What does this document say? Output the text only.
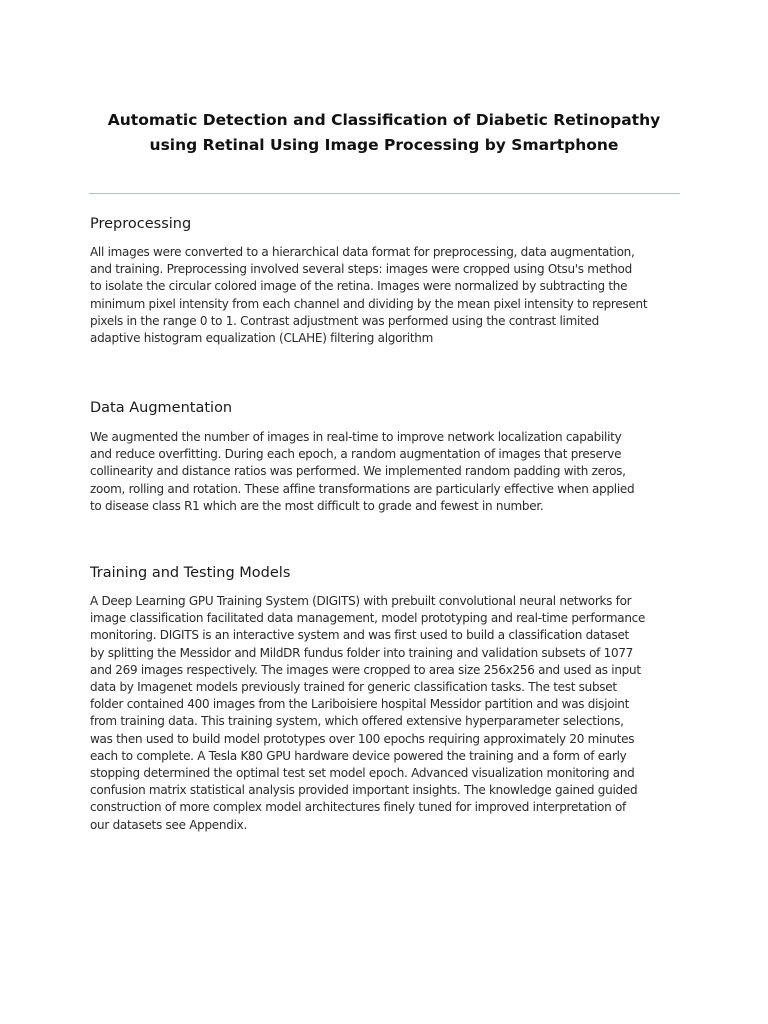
Automatic Detection and Classification of Diabetic Retinopathy
using Retinal Using Image Processing by Smartphone
Preprocessing
All images were converted to a hierarchical data format for preprocessing, data augmentation,
and training. Preprocessing involved several steps: images were cropped using Otsu's method
to isolate the circular colored image of the retina. Images were normalized by subtracting the
minimum pixel intensity from each channel and dividing by the mean pixel intensity to represent
pixels in the range 0 to 1. Contrast adjustment was performed using the contrast limited
adaptive histogram equalization (CLAHE) filtering algorithm
Data Augmentation
We augmented the number of images in real-time to improve network localization capability
and reduce overfitting. During each epoch, a random augmentation of images that preserve
collinearity and distance ratios was performed. We implemented random padding with zeros,
zoom, rolling and rotation. These affine transformations are particularly effective when applied
to disease class R1 which are the most difficult to grade and fewest in number.
Training and Testing Models
A Deep Learning GPU Training System (DIGITS) with prebuilt convolutional neural networks for
image classification facilitated data management, model prototyping and real-time performance
monitoring. DIGITS is an interactive system and was first used to build a classification dataset
by splitting the Messidor and MildDR fundus folder into training and validation subsets of 1077
and 269 images respectively. The images were cropped to area size 256x256 and used as input
data by Imagenet models previously trained for generic classification tasks. The test subset
folder contained 400 images from the Lariboisiere hospital Messidor partition and was disjoint
from training data. This training system, which offered extensive hyperparameter selections,
was then used to build model prototypes over 100 epochs requiring approximately 20 minutes
each to complete. A Tesla K80 GPU hardware device powered the training and a form of early
stopping determined the optimal test set model epoch. Advanced visualization monitoring and
confusion matrix statistical analysis provided important insights. The knowledge gained guided
construction of more complex model architectures finely tuned for improved interpretation of
our datasets see Appendix.
